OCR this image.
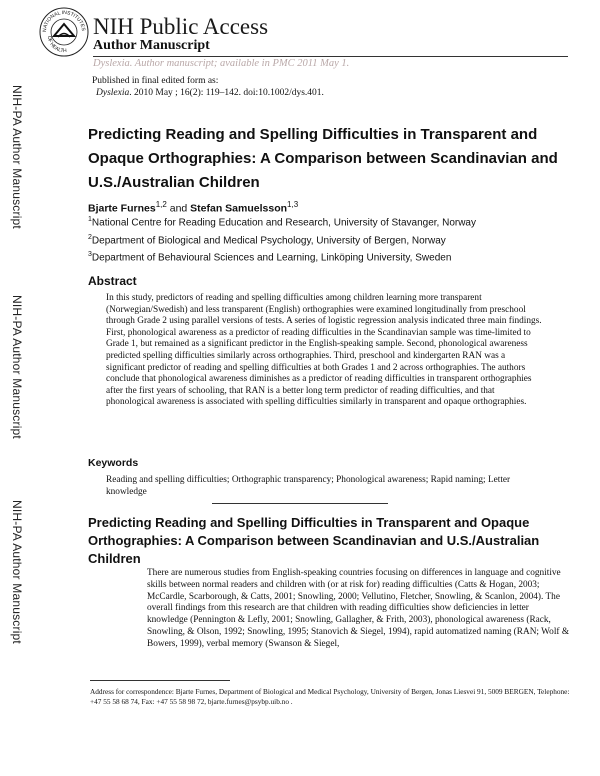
NATIONAL INSTITUTES
OF HEALTH
NIH Public Access
Author Manuscript
Dyslexia. Author manuscript; available in PMC 2011 May 1.
Published in final edited form as:
Dyslexia. 2010 May ; 16(2): 119–142. doi:10.1002/dys.401.
NIH-PA Author Manuscript
NIH-PA Author Manuscript
NIH-PA Author Manuscript
Predicting Reading and Spelling Difficulties in Transparent and Opaque Orthographies: A Comparison between Scandinavian and U.S./Australian Children
Bjarte Furnes$^{1,2}$ and Stefan Samuelsson$^{1,3}$
$^1$National Centre for Reading Education and Research, University of Stavanger, Norway
$^2$Department of Biological and Medical Psychology, University of Bergen, Norway
$^3$Department of Behavioural Sciences and Learning, Linköping University, Sweden
Abstract
In this study, predictors of reading and spelling difficulties among children learning more transparent (Norwegian/Swedish) and less transparent (English) orthographies were examined longitudinally from preschool through Grade 2 using parallel versions of tests. A series of logistic regression analysis indicated three main findings. First, phonological awareness as a predictor of reading difficulties in the Scandinavian sample was time-limited to Grade 1, but remained as a significant predictor in the English-speaking sample. Second, phonological awareness predicted spelling difficulties similarly across orthographies. Third, preschool and kindergarten RAN was a significant predictor of reading and spelling difficulties at both Grades 1 and 2 across orthographies. The authors conclude that phonological awareness diminishes as a predictor of reading difficulties in transparent orthographies after the first years of schooling, that RAN is a better long term predictor of reading difficulties, and that phonological awareness is associated with spelling difficulties similarly in transparent and opaque orthographies.
Keywords
Reading and spelling difficulties; Orthographic transparency; Phonological awareness; Rapid naming; Letter knowledge
Predicting Reading and Spelling Difficulties in Transparent and Opaque Orthographies: A Comparison between Scandinavian and U.S./Australian Children
There are numerous studies from English-speaking countries focusing on differences in language and cognitive skills between normal readers and children with (or at risk for) reading difficulties (Catts & Hogan, 2003; McCardle, Scarborough, & Catts, 2001; Snowling, 2000; Vellutino, Fletcher, Snowling, & Scanlon, 2004). The overall findings from this research are that children with reading difficulties show deficiencies in letter knowledge (Pennington & Lefly, 2001; Snowling, Gallagher, & Frith, 2003), phonological awareness (Rack, Snowling, & Olson, 1992; Snowling, 1995; Stanovich & Siegel, 1994), rapid automatized naming (RAN; Wolf & Bowers, 1999), verbal memory (Swanson & Siegel,
Address for correspondence: Bjarte Furnes, Department of Biological and Medical Psychology, University of Bergen, Jonas Liesvei 91, 5009 BERGEN, Telephone: +47 55 58 68 74, Fax: +47 55 58 98 72, bjarte.furnes@psybp.uib.no .
